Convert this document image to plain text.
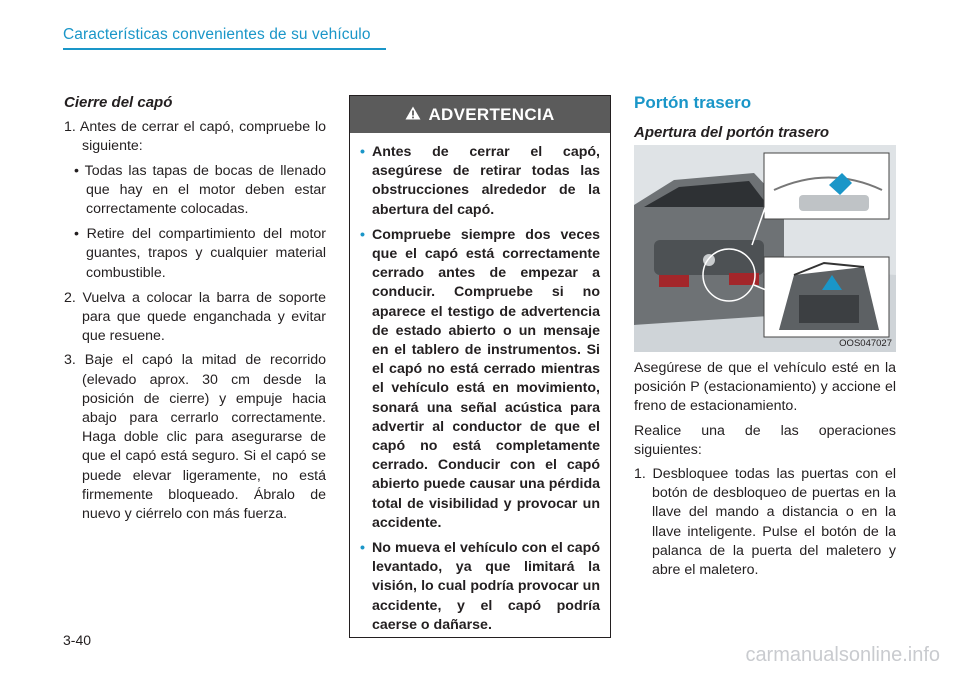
Características convenientes de su vehículo
Cierre del capó
1. Antes de cerrar el capó, compruebe lo siguiente:
• Todas las tapas de bocas de llenado que hay en el motor deben estar correctamente colocadas.
• Retire del compartimiento del motor guantes, trapos y cualquier material combustible.
2. Vuelva a colocar la barra de soporte para que quede enganchada y evitar que resuene.
3. Baje el capó la mitad de recorrido (elevado aprox. 30 cm desde la posición de cierre) y empuje hacia abajo para cerrarlo correctamente. Haga doble clic para asegurarse de que el capó está seguro. Si el capó se puede elevar ligeramente, no está firmemente bloqueado. Ábralo de nuevo y ciérrelo con más fuerza.
ADVERTENCIA
• Antes de cerrar el capó, asegúrese de retirar todas las obstrucciones alrededor de la abertura del capó.
• Compruebe siempre dos veces que el capó está correctamente cerrado antes de empezar a conducir. Compruebe si no aparece el testigo de advertencia de estado abierto o un mensaje en el tablero de instrumentos. Si el capó no está cerrado mientras el vehículo está en movimiento, sonará una señal acústica para advertir al conductor de que el capó no está completamente cerrado. Conducir con el capó abierto puede causar una pérdida total de visibilidad y provocar un accidente.
• No mueva el vehículo con el capó levantado, ya que limitará la visión, lo cual podría provocar un accidente, y el capó podría caerse o dañarse.
Portón trasero
Apertura del portón trasero
OOS047027
Asegúrese de que el vehículo esté en la posición P (estacionamiento) y accione el freno de estacionamiento.
Realice una de las operaciones siguientes:
1. Desbloquee todas las puertas con el botón de desbloqueo de puertas en la llave del mando a distancia o en la llave inteligente. Pulse el botón de la palanca de la puerta del maletero y abre el maletero.
3-40
carmanualsonline.info
